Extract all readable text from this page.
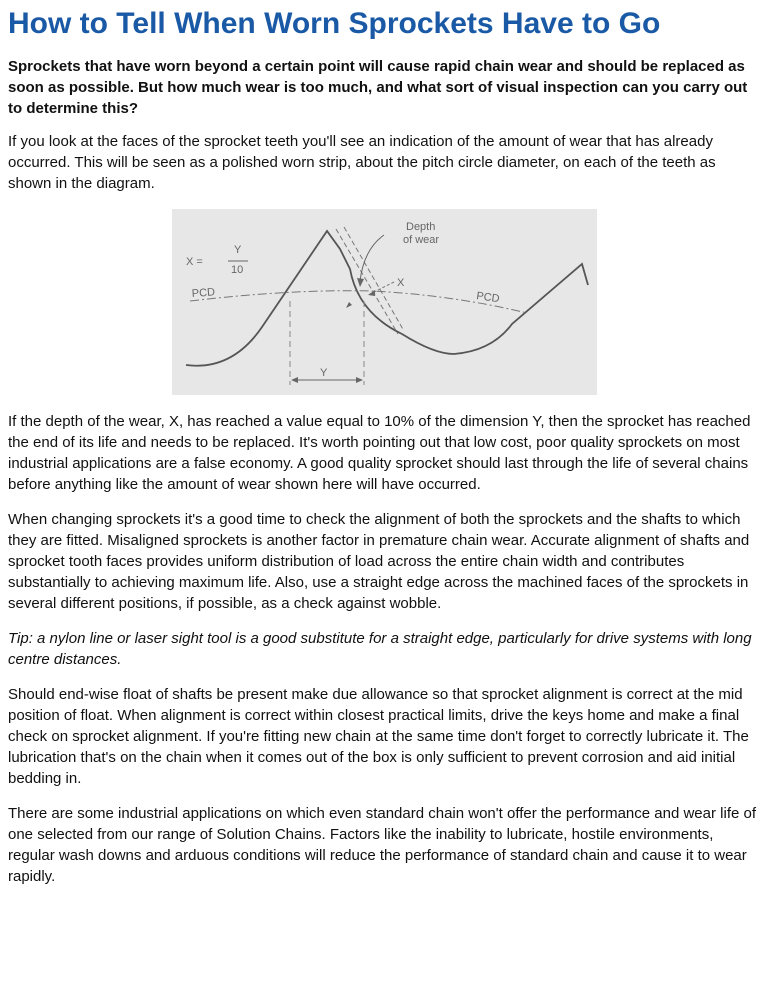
How to Tell When Worn Sprockets Have to Go

Sprockets that have worn beyond a certain point will cause rapid chain wear and should be replaced as soon as possible. But how much wear is too much, and what sort of visual inspection can you carry out to determine this?

If you look at the faces of the sprocket teeth you'll see an indication of the amount of wear that has already occurred. This will be seen as a polished worn strip, about the pitch circle diameter, on each of the teeth as shown in the diagram.

X =
Y
10
PCD	PCD
Depth
of wear
X
Y

If the depth of the wear, X, has reached a value equal to 10% of the dimension Y, then the sprocket has reached the end of its life and needs to be replaced. It's worth pointing out that low cost, poor quality sprockets on most industrial applications are a false economy. A good quality sprocket should last through the life of several chains before anything like the amount of wear shown here will have occurred.

When changing sprockets it's a good time to check the alignment of both the sprockets and the shafts to which they are fitted. Misaligned sprockets is another factor in premature chain wear. Accurate alignment of shafts and sprocket tooth faces provides uniform distribution of load across the entire chain width and contributes substantially to achieving maximum life. Also, use a straight edge across the machined faces of the sprockets in several different positions, if possible, as a check against wobble.

Tip: a nylon line or laser sight tool is a good substitute for a straight edge, particularly for drive systems with long centre distances.

Should end-wise float of shafts be present make due allowance so that sprocket alignment is correct at the mid position of float. When alignment is correct within closest practical limits, drive the keys home and make a final check on sprocket alignment. If you're fitting new chain at the same time don't forget to correctly lubricate it. The lubrication that's on the chain when it comes out of the box is only sufficient to prevent corrosion and aid initial bedding in.

There are some industrial applications on which even standard chain won't offer the performance and wear life of one selected from our range of Solution Chains. Factors like the inability to lubricate, hostile environments, regular wash downs and arduous conditions will reduce the performance of standard chain and cause it to wear rapidly.
